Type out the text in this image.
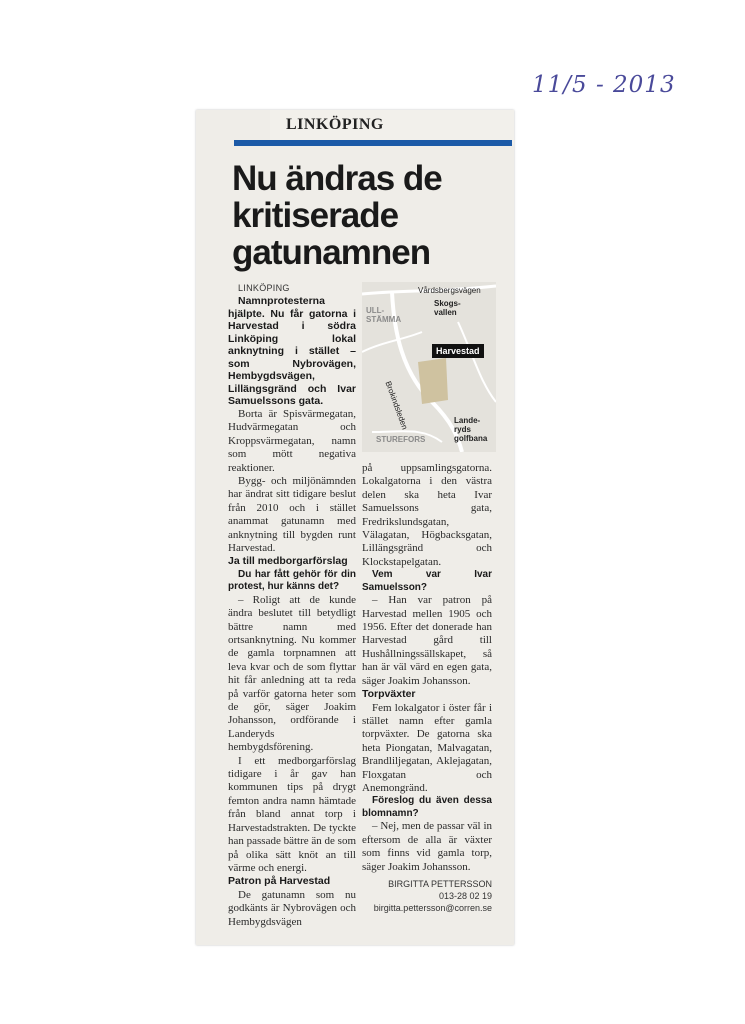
11/5 - 2013
LINKÖPING
Nu ändras de kritiserade gatunamnen
Vårdsbergsvägen
Skogs-vallen
ULL-STÄMMA
Harvestad
Brokindsleden	Lande-ryds golfbana
STUREFORS

LINKÖPING

Namnprotesterna hjälpte. Nu får gatorna i Harvestad i södra Linköping lokal anknytning i stället – som Nybrovägen, Hembygdsvägen, Lillängsgränd och Ivar Samuelssons gata.

Borta är Spisvärmegatan, Hudvärmegatan och Kroppsvärmegatan, namn som mött negativa reaktioner.

Bygg- och miljönämnden har ändrat sitt tidigare beslut från 2010 och i stället anammat gatunamn med anknytning till bygden runt Harvestad.

Ja till medborgarförslag

Du har fått gehör för din protest, hur känns det?

– Roligt att de kunde ändra beslutet till betydligt bättre namn med ortsanknytning. Nu kommer de gamla torpnamnen att leva kvar och de som flyttar hit får anledning att ta reda på varför gatorna heter som de gör, säger Joakim Johansson, ordförande i Landeryds hembygdsförening.

I ett medborgarförslag tidigare i år gav han kommunen tips på drygt femton andra namn hämtade från bland annat torp i Harvestadstrakten. De tyckte han passade bättre än de som på olika sätt knöt an till värme och energi.

Patron på Harvestad

De gatunamn som nu godkänts är Nybrovägen och Hembygdsvägen

på uppsamlingsgatorna. Lokalgatorna i den västra delen ska heta Ivar Samuelssons gata, Fredrikslundsgatan, Välagatan, Högbacksgatan, Lillängsgränd och Klockstapelgatan.

Vem var Ivar Samuelsson?

– Han var patron på Harvestad mellen 1905 och 1956. Efter det donerade han Harvestad gård till Hushållningssällskapet, så han är väl värd en egen gata, säger Joakim Johansson.

Torpväxter

Fem lokalgator i öster får i stället namn efter gamla torpväxter. De gatorna ska heta Piongatan, Malvagatan, Brandliljegatan, Aklejagatan, Floxgatan och Anemongränd.

Föreslog du även dessa blomnamn?

– Nej, men de passar väl in eftersom de alla är växter som finns vid gamla torp, säger Joakim Johansson.

BIRGITTA PETTERSSON
013-28 02 19
birgitta.pettersson@corren.se
